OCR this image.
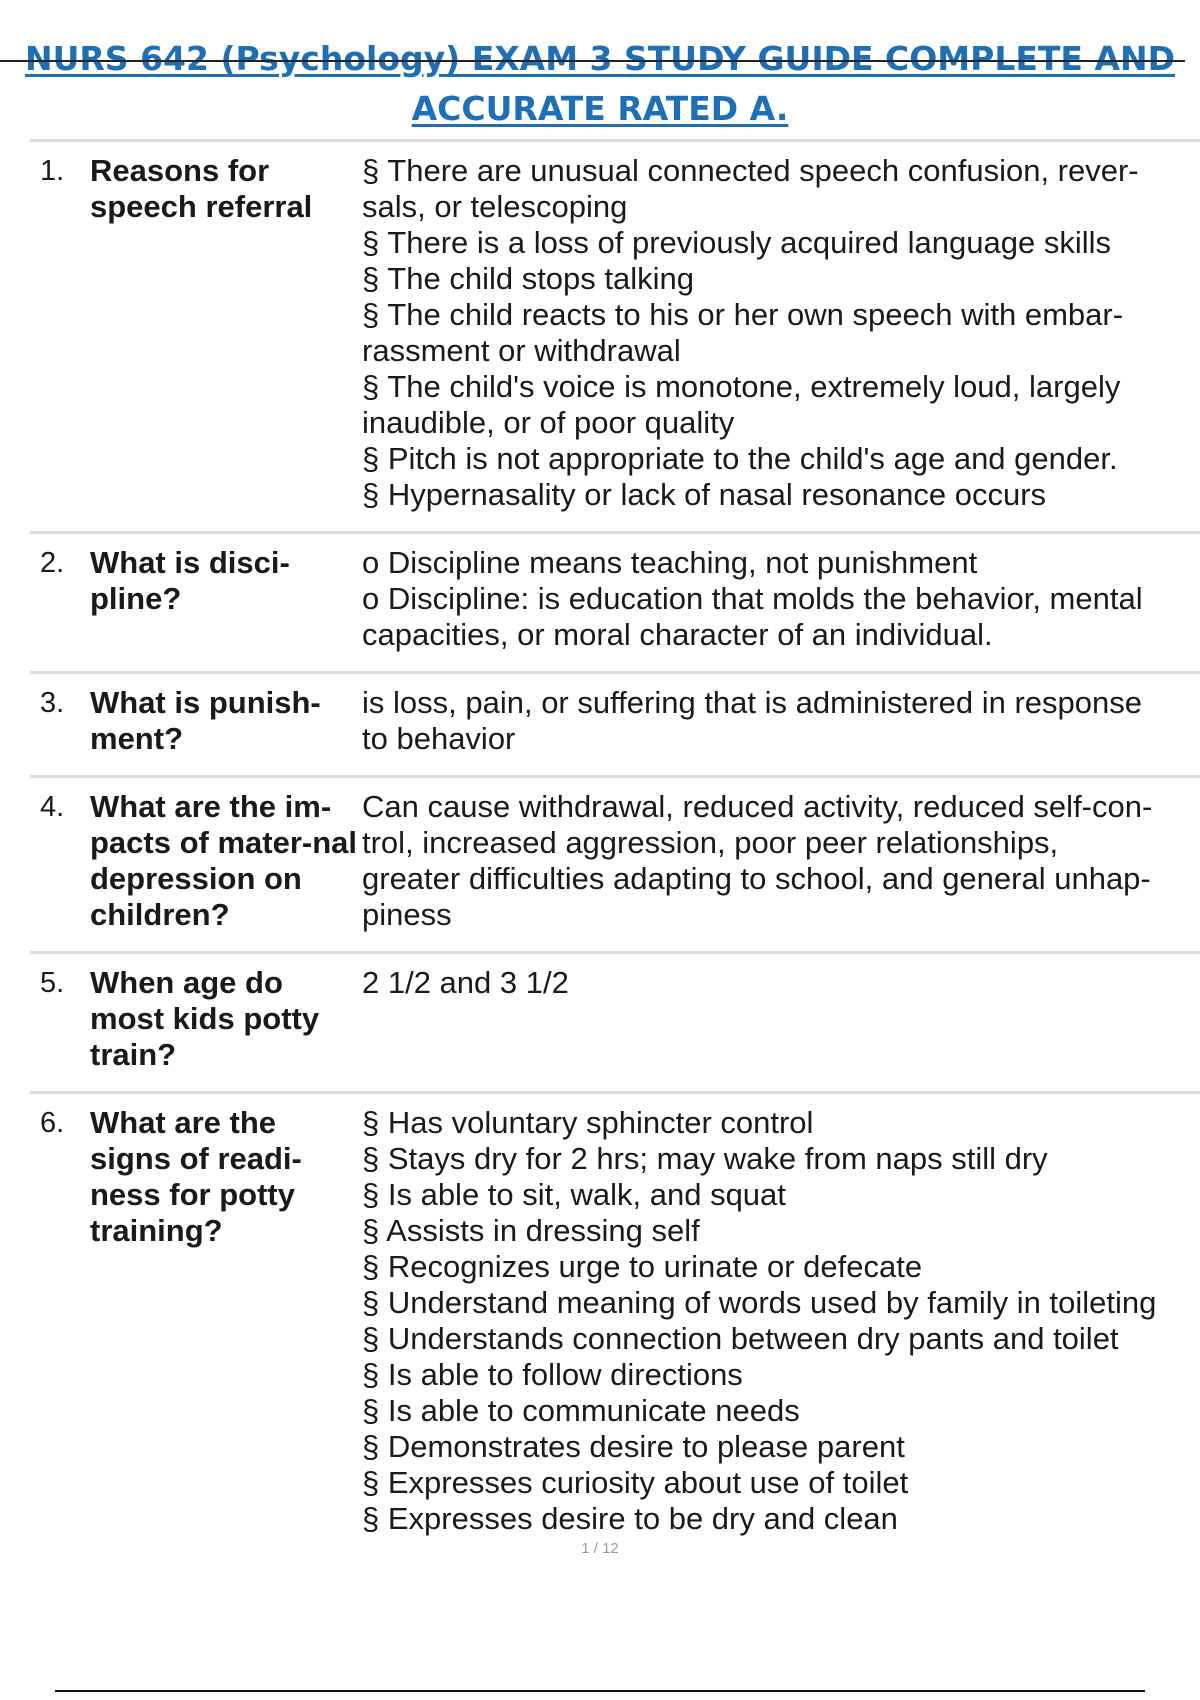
NURS 642 (Psychology) EXAM 3 STUDY GUIDE COMPLETE AND
ACCURATE RATED A.
1. Reasons for speech referral
§ There are unusual connected speech confusion, rever-
sals, or telescoping
§ There is a loss of previously acquired language skills
§ The child stops talking
§ The child reacts to his or her own speech with embar-
rassment or withdrawal
§ The child's voice is monotone, extremely loud, largely
inaudible, or of poor quality
§ Pitch is not appropriate to the child's age and gender.
§ Hypernasality or lack of nasal resonance occurs
2. What is disci-pline?
o Discipline means teaching, not punishment
o Discipline: is education that molds the behavior, mental
capacities, or moral character of an individual.
3. What is punish-ment?
is loss, pain, or suffering that is administered in response
to behavior
4. What are the im-pacts of mater-nal depression on children?
Can cause withdrawal, reduced activity, reduced self-con-
trol, increased aggression, poor peer relationships,
greater difficulties adapting to school, and general unhap-
piness
5. When age do most kids potty train?
2 1/2 and 3 1/2
6. What are the signs of readi-ness for potty training?
§ Has voluntary sphincter control
§ Stays dry for 2 hrs; may wake from naps still dry
§ Is able to sit, walk, and squat
§ Assists in dressing self
§ Recognizes urge to urinate or defecate
§ Understand meaning of words used by family in toileting
§ Understands connection between dry pants and toilet
§ Is able to follow directions
§ Is able to communicate needs
§ Demonstrates desire to please parent
§ Expresses curiosity about use of toilet
§ Expresses desire to be dry and clean
1 / 12
